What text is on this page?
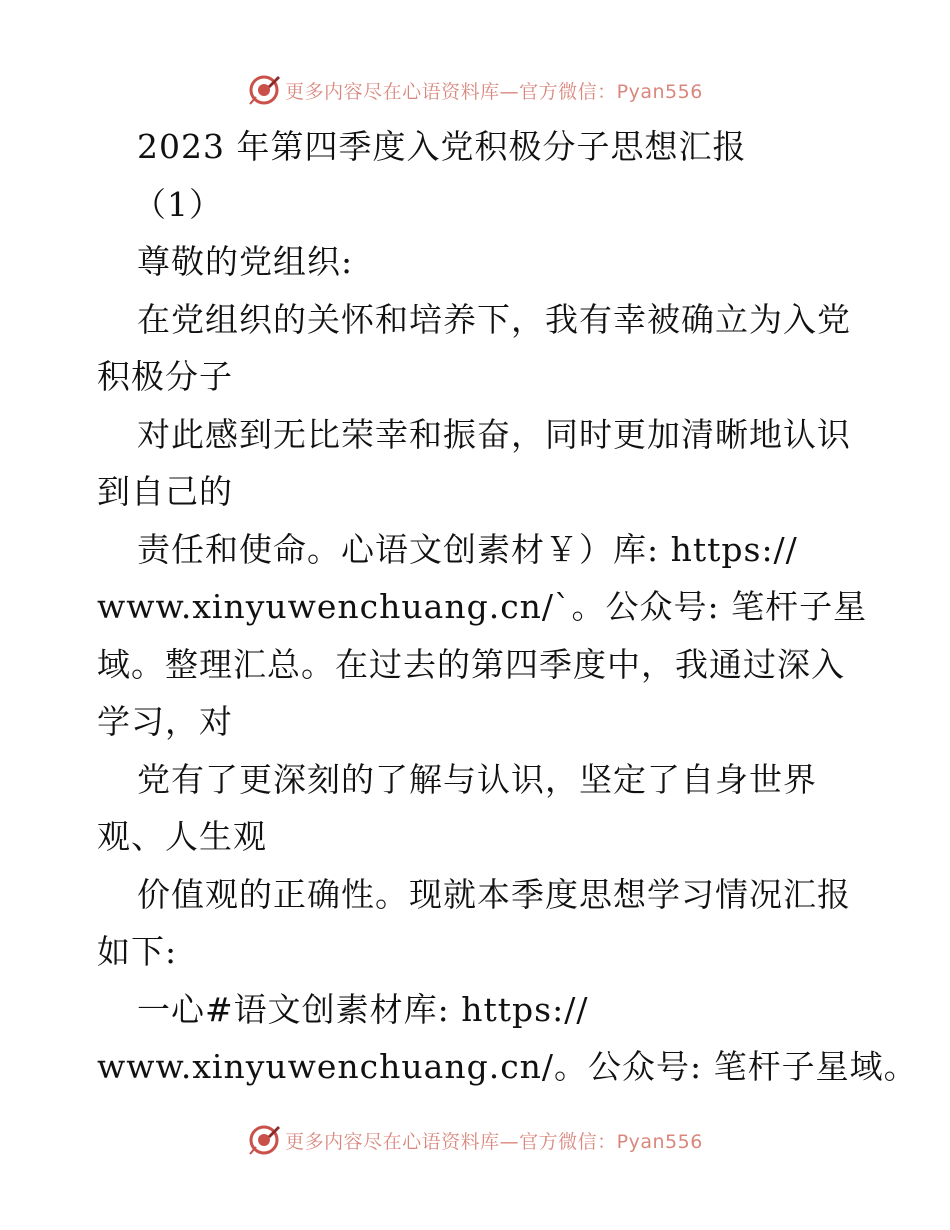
更多内容尽在心语资料库—官方微信：Pyan556
2023 年第四季度入党积极分子思想汇报
（1）
尊敬的党组织:
在党组织的关怀和培养下，我有幸被确立为入党
积极分子
对此感到无比荣幸和振奋，同时更加清晰地认识
到自己的
责任和使命。心语文创素材￥）库: https://
www.xinyuwenchuang.cn/`。公众号: 笔杆子星
域。整理汇总。在过去的第四季度中，我通过深入
学习，对
党有了更深刻的了解与认识，坚定了自身世界
观、人生观
价值观的正确性。现就本季度思想学习情况汇报
如下:
一心#语文创素材库: https://
www.xinyuwenchuang.cn/。公众号: 笔杆子星域。
更多内容尽在心语资料库—官方微信：Pyan556
